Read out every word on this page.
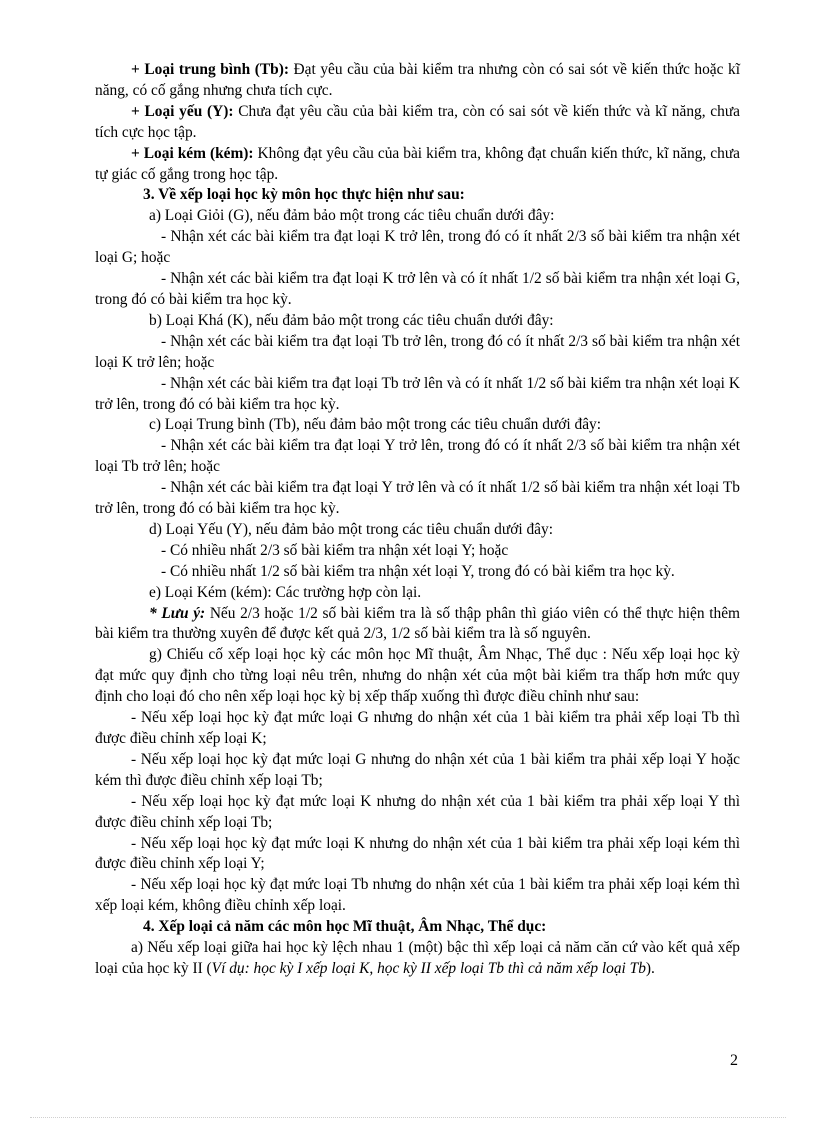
+ Loại trung bình (Tb): Đạt yêu cầu của bài kiểm tra nhưng còn có sai sót về kiến thức hoặc kĩ năng, có cố gắng nhưng chưa tích cực.

+ Loại yếu (Y): Chưa đạt yêu cầu của bài kiểm tra, còn có sai sót về kiến thức và kĩ năng, chưa tích cực học tập.

+ Loại kém (kém): Không đạt yêu cầu của bài kiểm tra, không đạt chuẩn kiến thức, kĩ năng, chưa tự giác cố gắng trong học tập.

3. Về xếp loại học kỳ môn học thực hiện như sau:

a) Loại Giỏi (G), nếu đảm bảo một trong các tiêu chuẩn dưới đây:

- Nhận xét các bài kiểm tra đạt loại K trở lên, trong đó có ít nhất 2/3 số bài kiểm tra nhận xét loại G; hoặc

- Nhận xét các bài kiểm tra đạt loại K trở lên và có ít nhất 1/2 số bài kiểm tra nhận xét loại G, trong đó có bài kiểm tra học kỳ.

b) Loại Khá (K), nếu đảm bảo một trong các tiêu chuẩn dưới đây:

- Nhận xét các bài kiểm tra đạt loại Tb trở lên, trong đó có ít nhất 2/3 số bài kiểm tra nhận xét loại K trở lên; hoặc

- Nhận xét các bài kiểm tra đạt loại Tb trở lên và có ít nhất 1/2 số bài kiểm tra nhận xét loại K trở lên, trong đó có bài kiểm tra học kỳ.

c) Loại Trung bình (Tb), nếu đảm bảo một trong các tiêu chuẩn dưới đây:

- Nhận xét các bài kiểm tra đạt loại Y trở lên, trong đó có ít nhất 2/3 số bài kiểm tra nhận xét loại Tb trở lên; hoặc

- Nhận xét các bài kiểm tra đạt loại Y trở lên và có ít nhất 1/2 số bài kiểm tra nhận xét loại Tb trở lên, trong đó có bài kiểm tra học kỳ.

d) Loại Yếu (Y), nếu đảm bảo một trong các tiêu chuẩn dưới đây:

- Có nhiều nhất 2/3 số bài kiểm tra nhận xét loại Y; hoặc

- Có nhiều nhất 1/2 số bài kiểm tra nhận xét loại Y, trong đó có bài kiểm tra học kỳ.

e) Loại Kém (kém): Các trường hợp còn lại.

* Lưu ý: Nếu 2/3 hoặc 1/2 số bài kiểm tra là số thập phân thì giáo viên có thể thực hiện thêm bài kiểm tra thường xuyên để được kết quả 2/3, 1/2 số bài kiểm tra là số nguyên.

g) Chiếu cố xếp loại học kỳ các môn học Mĩ thuật, Âm Nhạc, Thể dục : Nếu xếp loại học kỳ đạt mức quy định cho từng loại nêu trên, nhưng do nhận xét của một bài kiểm tra thấp hơn mức quy định cho loại đó cho nên xếp loại học kỳ bị xếp thấp xuống thì được điều chỉnh như sau:

- Nếu xếp loại học kỳ đạt mức loại G nhưng do nhận xét của 1 bài kiểm tra phải xếp loại Tb thì được điều chỉnh xếp loại K;

- Nếu xếp loại học kỳ đạt mức loại G nhưng do nhận xét của 1 bài kiểm tra phải xếp loại Y hoặc kém thì được điều chỉnh xếp loại Tb;

- Nếu xếp loại học kỳ đạt mức loại K nhưng do nhận xét của 1 bài kiểm tra phải xếp loại Y thì được điều chỉnh xếp loại Tb;

- Nếu xếp loại học kỳ đạt mức loại K nhưng do nhận xét của 1 bài kiểm tra phải xếp loại kém thì được điều chỉnh xếp loại Y;

- Nếu xếp loại học kỳ đạt mức loại Tb nhưng do nhận xét của 1 bài kiểm tra phải xếp loại kém thì xếp loại kém, không điều chỉnh xếp loại.

4. Xếp loại cả năm các môn học Mĩ thuật, Âm Nhạc, Thể dục:

a) Nếu xếp loại giữa hai học kỳ lệch nhau 1 (một) bậc thì xếp loại cả năm căn cứ vào kết quả xếp loại của học kỳ II (Ví dụ: học kỳ I xếp loại K, học kỳ II xếp loại Tb thì cả năm xếp loại Tb).

2
